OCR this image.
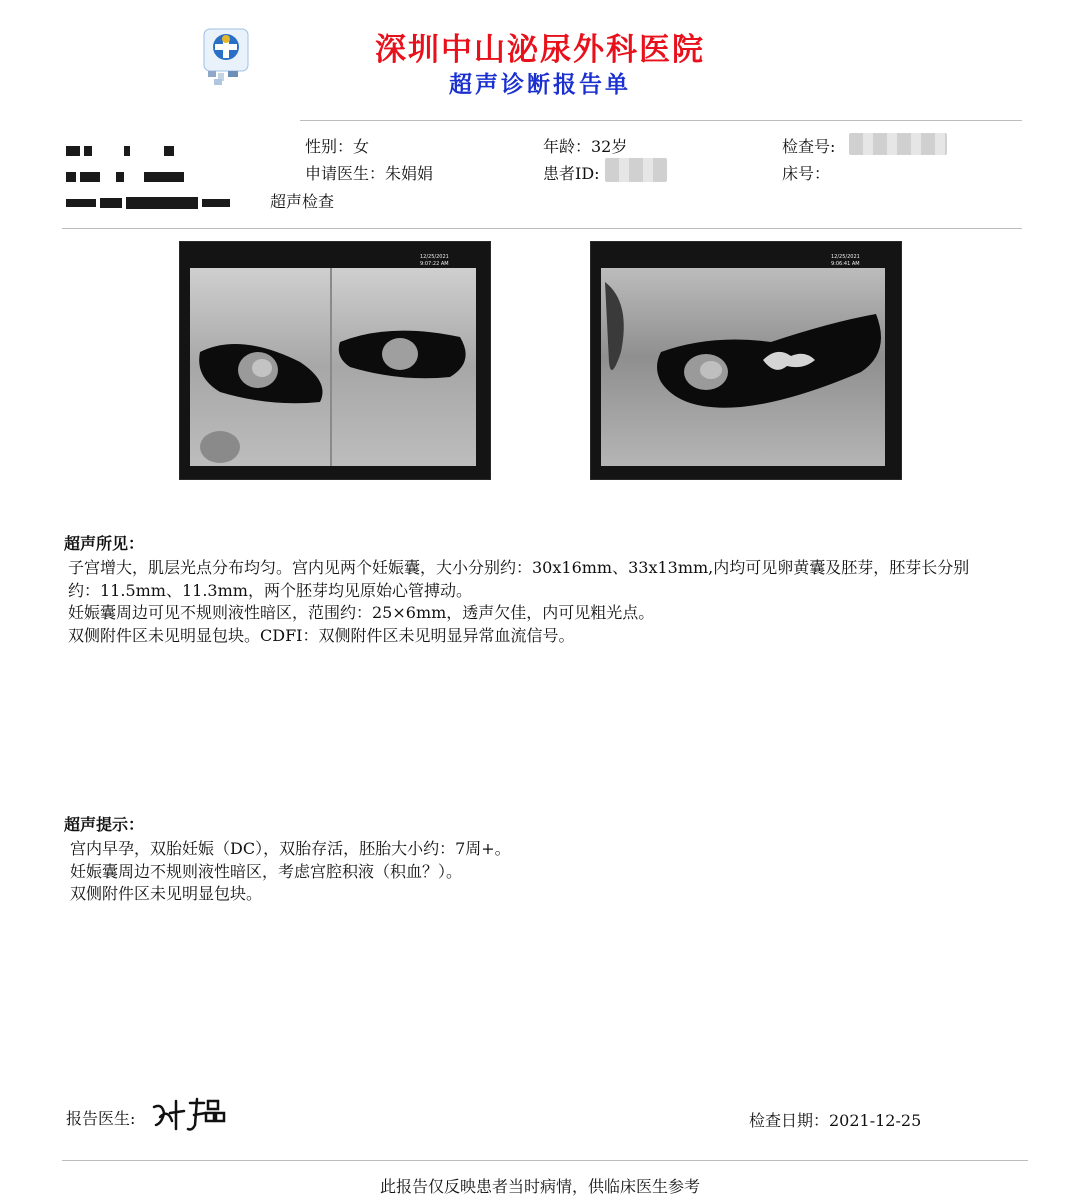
深圳中山泌尿外科医院
超声诊断报告单
超声检查
性别：女	年龄：32岁	检查号:
申请医生：朱娟娟	患者ID:	床号：
12/25/2021
9:07:22 AM
12/25/2021
9:06:41 AM
超声所见：
子宫增大，肌层光点分布均匀。宫内见两个妊娠囊，大小分别约：30x16mm、33x13mm,内均可见卵黄囊及胚芽，胚芽长分别
约：11.5mm、11.3mm，两个胚芽均见原始心管搏动。
妊娠囊周边可见不规则液性暗区，范围约：25×6mm，透声欠佳，内可见粗光点。
双侧附件区未见明显包块。CDFI：双侧附件区未见明显异常血流信号。
超声提示：
宫内早孕，双胎妊娠（DC），双胎存活，胚胎大小约：7周+。
妊娠囊周边不规则液性暗区，考虑宫腔积液（积血？）。
双侧附件区未见明显包块。
报告医生:	检查日期：2021-12-25
此报告仅反映患者当时病情，供临床医生参考
